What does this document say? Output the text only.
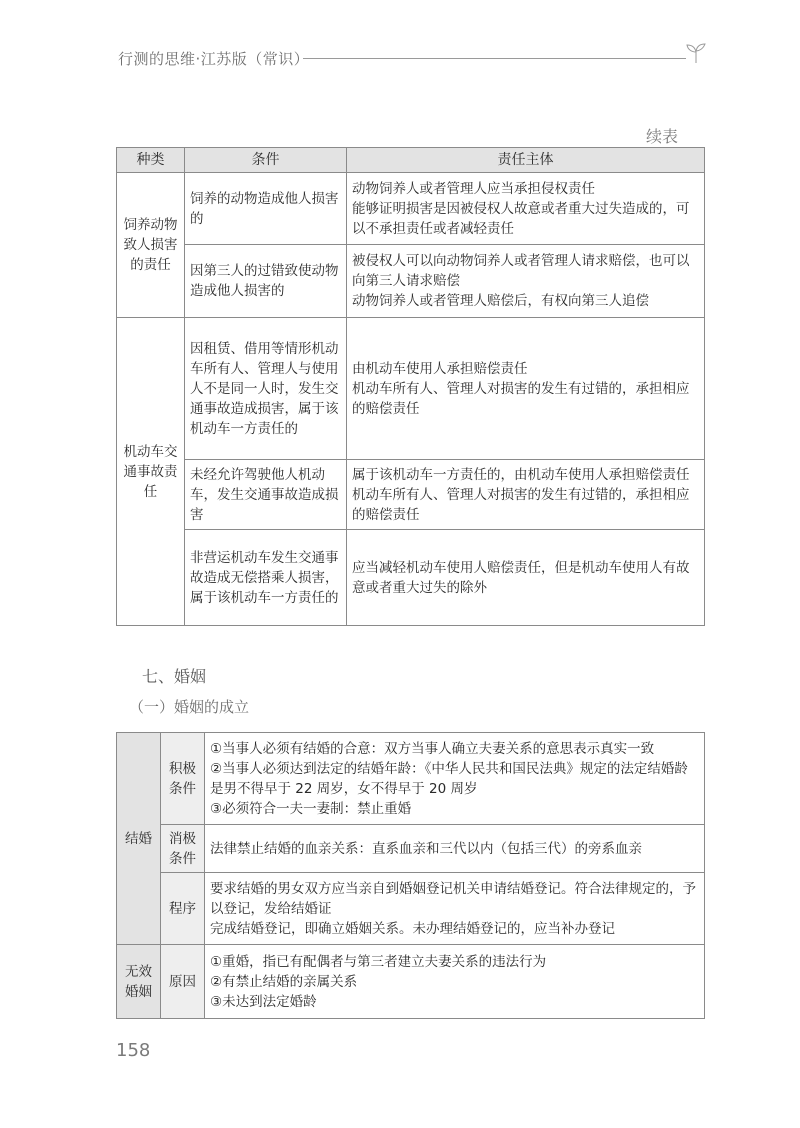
行测的思维·江苏版（常识）
续表
种类	条件	责任主体
饲养动物致人损害的责任	饲养的动物造成他人损害的	动物饲养人或者管理人应当承担侵权责任
能够证明损害是因被侵权人故意或者重大过失造成的，可以不承担责任或者减轻责任

	因第三人的过错致使动物造成他人损害的	被侵权人可以向动物饲养人或者管理人请求赔偿，也可以向第三人请求赔偿
动物饲养人或者管理人赔偿后，有权向第三人追偿

机动车交通事故责任	因租赁、借用等情形机动车所有人、管理人与使用人不是同一人时，发生交通事故造成损害，属于该机动车一方责任的	由机动车使用人承担赔偿责任
机动车所有人、管理人对损害的发生有过错的，承担相应的赔偿责任

	未经允许驾驶他人机动车，发生交通事故造成损害	属于该机动车一方责任的，由机动车使用人承担赔偿责任
机动车所有人、管理人对损害的发生有过错的，承担相应的赔偿责任

	非营运机动车发生交通事故造成无偿搭乘人损害，属于该机动车一方责任的	应当减轻机动车使用人赔偿责任，但是机动车使用人有故意或者重大过失的除外
七、婚姻
（一）婚姻的成立
结婚	积极条件	①当事人必须有结婚的合意：双方当事人确立夫妻关系的意思表示真实一致
②当事人必须达到法定的结婚年龄：《中华人民共和国民法典》规定的法定结婚龄是男不得早于 22 周岁，女不得早于 20 周岁
③必须符合一夫一妻制：禁止重婚

	消极条件	法律禁止结婚的血亲关系：直系血亲和三代以内（包括三代）的旁系血亲

	程序	要求结婚的男女双方应当亲自到婚姻登记机关申请结婚登记。符合法律规定的，予以登记，发给结婚证
完成结婚登记，即确立婚姻关系。未办理结婚登记的，应当补办登记

无效婚姻	原因	①重婚，指已有配偶者与第三者建立夫妻关系的违法行为
②有禁止结婚的亲属关系
③未达到法定婚龄
158
